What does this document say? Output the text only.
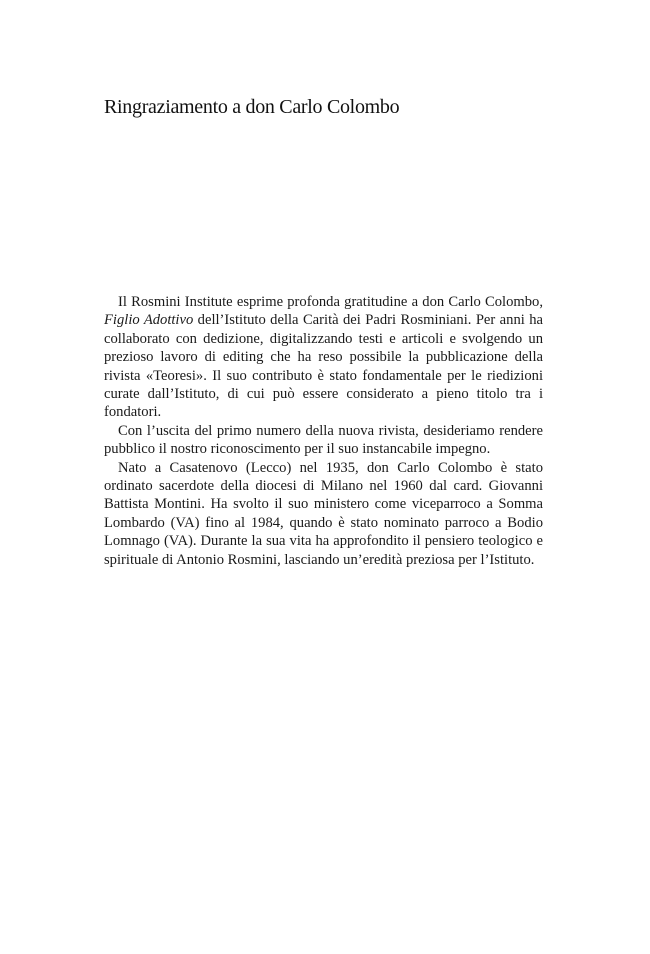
Ringraziamento a don Carlo Colombo

Il Rosmini Institute esprime profonda gratitudine a don Carlo Colombo, Figlio Adottivo dell’Istituto della Carità dei Padri Rosminiani. Per anni ha collaborato con dedizione, digitalizzando testi e articoli e svolgendo un prezioso lavoro di editing che ha reso possibile la pubblicazione della rivista «Teoresi». Il suo contributo è stato fondamentale per le riedizioni curate dall’Istituto, di cui può essere considerato a pieno titolo tra i fondatori.

Con l’uscita del primo numero della nuova rivista, desideriamo rendere pubblico il nostro riconoscimento per il suo instancabile impegno.

Nato a Casatenovo (Lecco) nel 1935, don Carlo Colombo è stato ordinato sacerdote della diocesi di Milano nel 1960 dal card. Giovanni Battista Montini. Ha svolto il suo ministero come viceparroco a Somma Lombardo (VA) fino al 1984, quando è stato nominato parroco a Bodio Lomnago (VA). Durante la sua vita ha approfondito il pensiero teologico e spirituale di Antonio Rosmini, lasciando un’eredità preziosa per l’Istituto.
